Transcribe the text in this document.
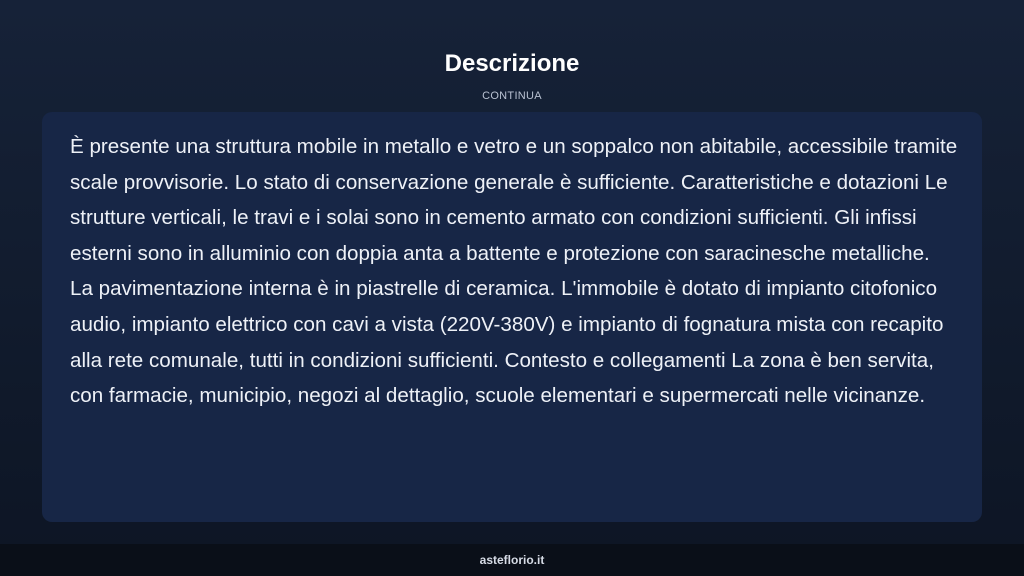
Descrizione
CONTINUA

È presente una struttura mobile in metallo e vetro e un soppalco non abitabile, accessibile tramite scale provvisorie. Lo stato di conservazione generale è sufficiente. Caratteristiche e dotazioni Le strutture verticali, le travi e i solai sono in cemento armato con condizioni sufficienti. Gli infissi esterni sono in alluminio con doppia anta a battente e protezione con saracinesche metalliche. La pavimentazione interna è in piastrelle di ceramica. L'immobile è dotato di impianto citofonico audio, impianto elettrico con cavi a vista (220V-380V) e impianto di fognatura mista con recapito alla rete comunale, tutti in condizioni sufficienti. Contesto e collegamenti La zona è ben servita, con farmacie, municipio, negozi al dettaglio, scuole elementari e supermercati nelle vicinanze.

asteflorio.it
